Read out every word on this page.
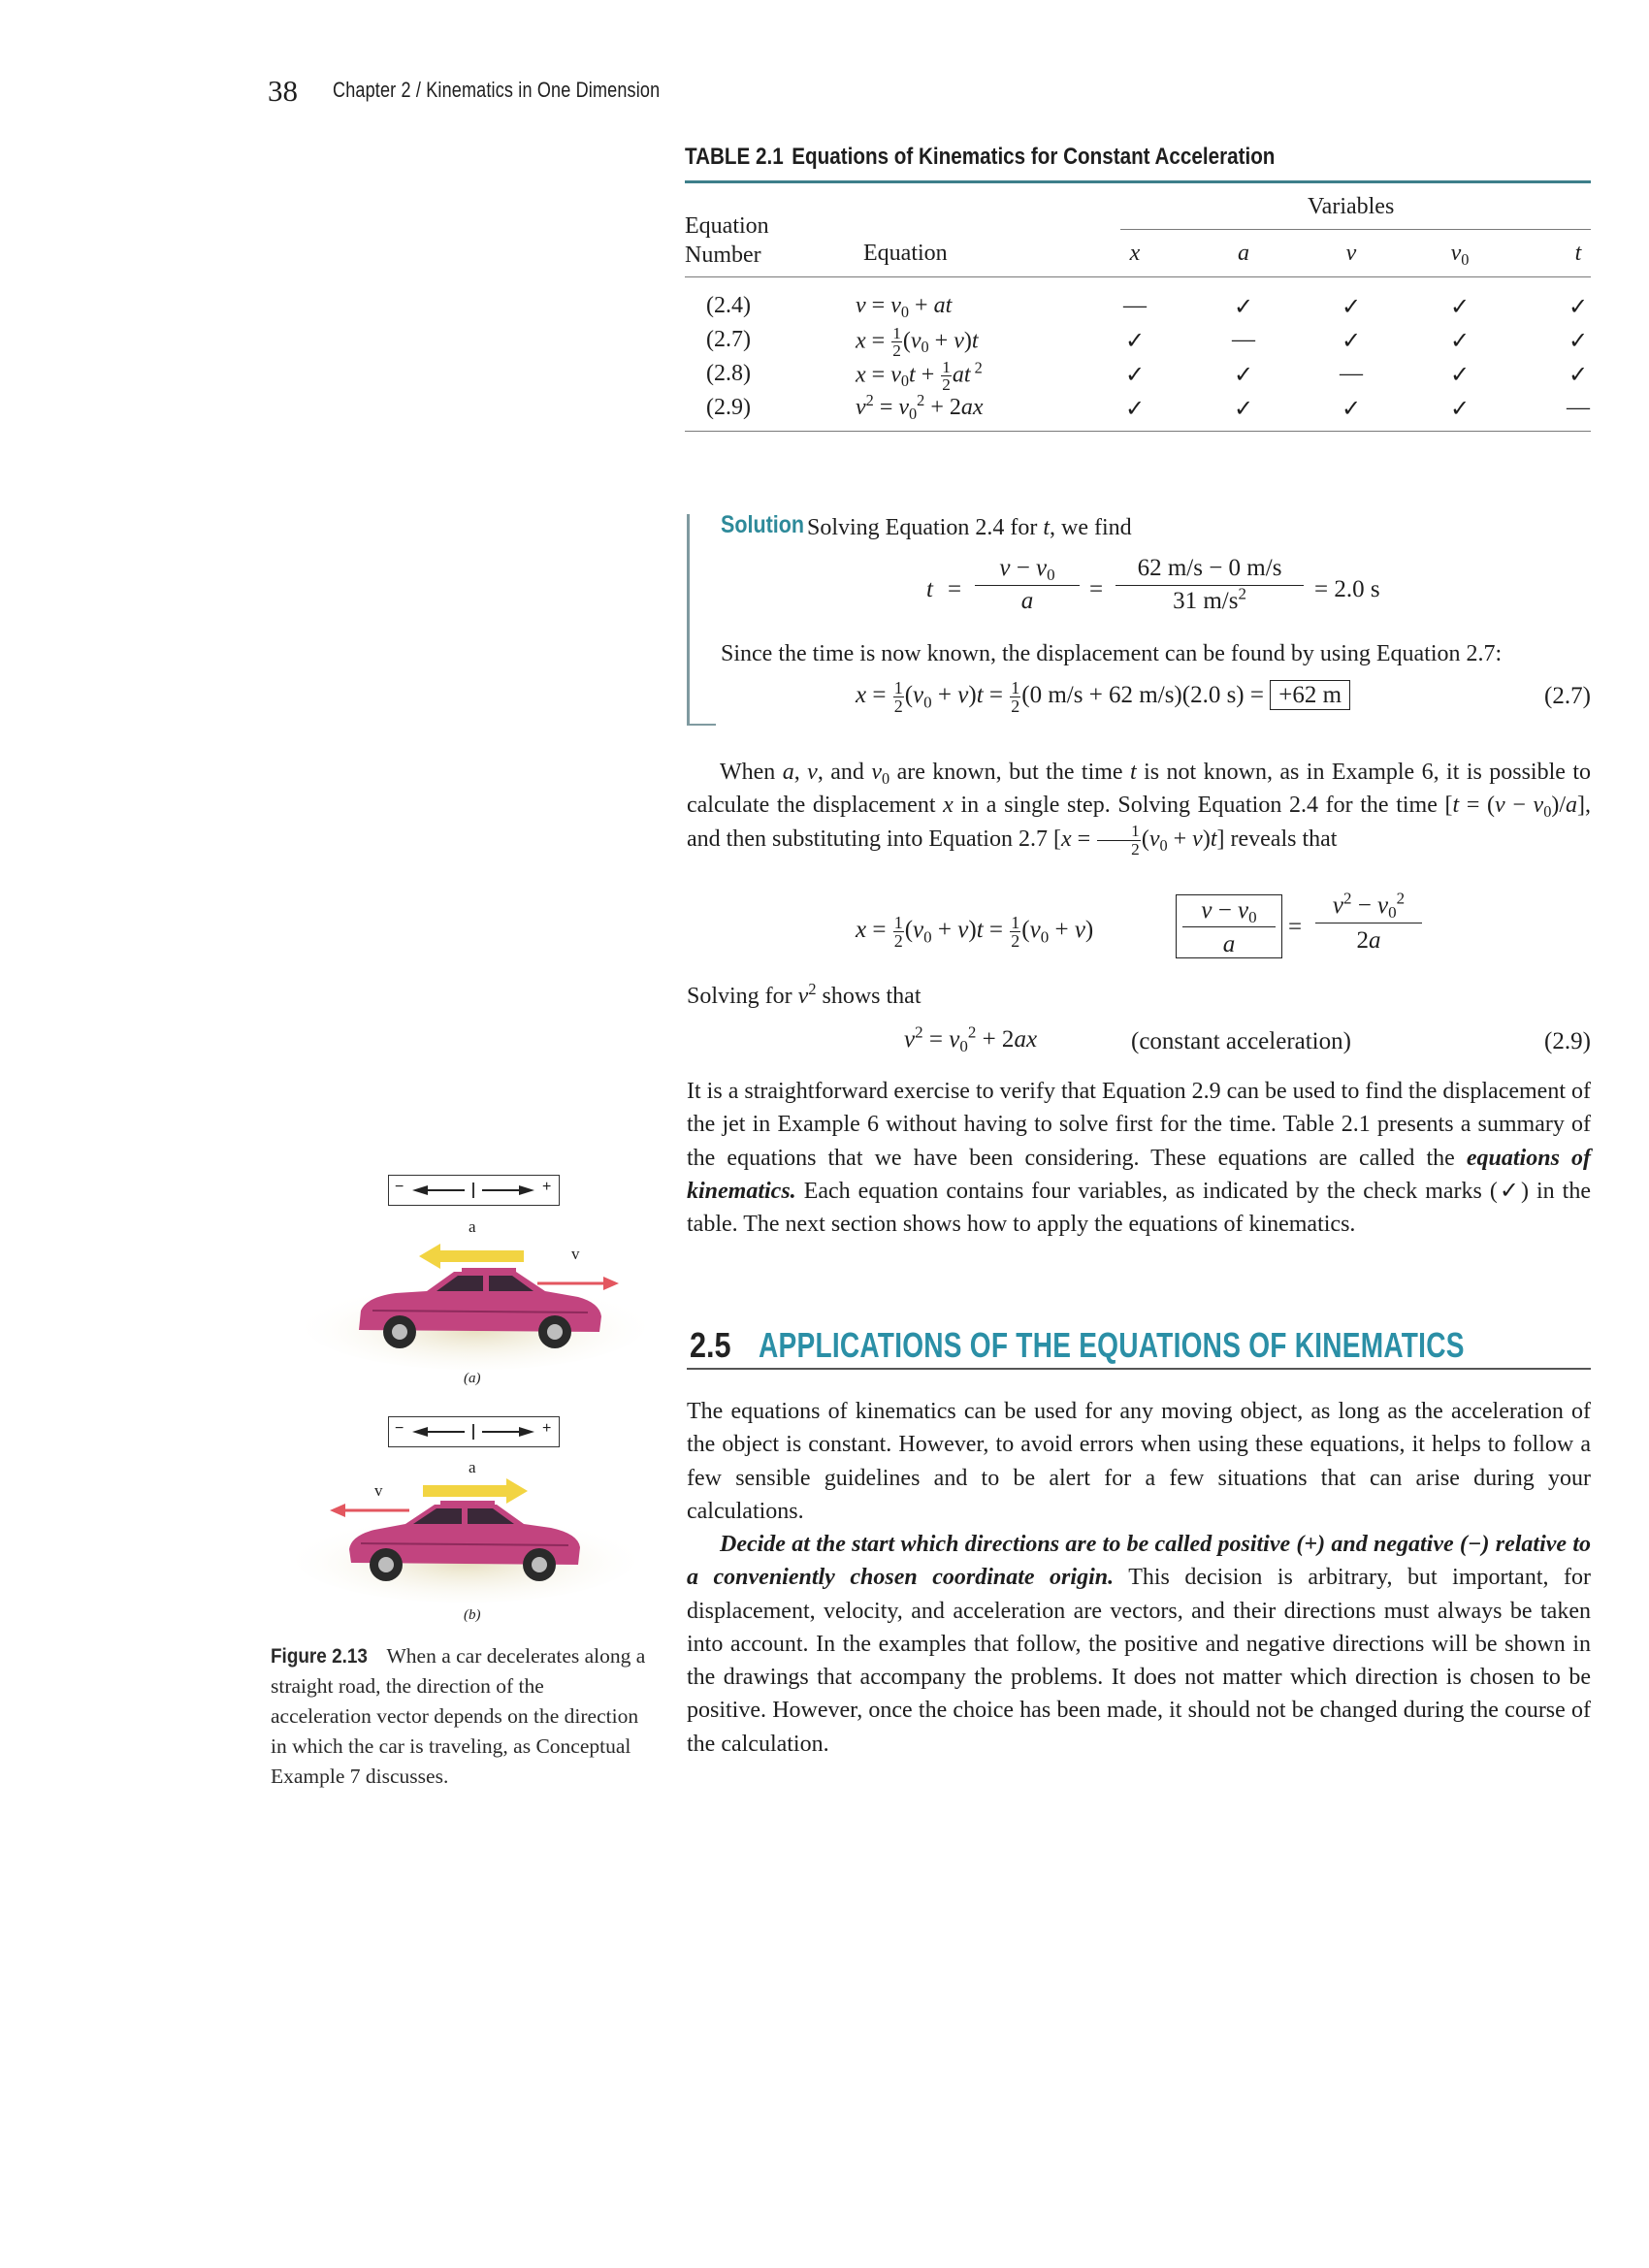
38 Chapter 2 / Kinematics in One Dimension
TABLE 2.1 Equations of Kinematics for Constant Acceleration
Variables
Equation
Number	Equation	x	a	v	$v_0$	t
(2.4)	$v = v_0$ + at	—	✓	✓	✓	✓
(2.7)	$x = \frac{1}{2} (v_0 + v)t$	✓	—	✓	✓	✓
(2.8)	$x = v_0t + \frac{1}{2}$ at $^2$	✓	✓	—	✓	✓
(2.9)	$v^2 = v_0^2 + 2ax$	✓	✓	✓	✓	—
Solution Solving Equation 2.4 for t, we find
t =
$v - v_0$
a	=
62 m/s − 0 m/s
31 $m/s^2$	= 2.0 s
Since the time is now known, the displacement can be found by using Equation 2.7:
$x = \frac{1}{2} (v_0 + v)t = \frac{1}{2} (0$ m/s + 62 m/s)(2.0 s) = +62 m	(2.7)
When a, v, and $v_0$ are known, but the time t is not known, as in Example 6, it is possible to calculate the displacement x in a single step. Solving Equation 2.4 for the time $[t = (v - v_0)/a]$, and then substituting into Equation 2.7 $[x = \frac{1}{2} (v_0 + v)t]$ reveals that
$x = \frac{1}{2} (v_0 + v)t = \frac{1}{2} (v_0 + v)$
$v - v_0$
a
=
$v^2 - v_0^2$
2a
Solving for $v^2$ shows that
$v^2 = v_0^2 + 2ax$	(constant acceleration)	(2.9)
It is a straightforward exercise to verify that Equation 2.9 can be used to find the displacement of the jet in Example 6 without having to solve first for the time. Table 2.1 presents a summary of the equations that we have been considering. These equations are called the equations of kinematics. Each equation contains four variables, as indicated by the check marks (✓) in the table. The next section shows how to apply the equations of kinematics.
2.5 APPLICATIONS OF THE EQUATIONS OF KINEMATICS
The equations of kinematics can be used for any moving object, as long as the acceleration of the object is constant. However, to avoid errors when using these equations, it helps to follow a few sensible guidelines and to be alert for a few situations that can arise during your calculations.
Decide at the start which directions are to be called positive (+) and negative (−) relative to a conveniently chosen coordinate origin. This decision is arbitrary, but important, for displacement, velocity, and acceleration are vectors, and their directions must always be taken into account. In the examples that follow, the positive and negative directions will be shown in the drawings that accompany the problems. It does not matter which direction is chosen to be positive. However, once the choice has been made, it should not be changed during the course of the calculation.
−	+
a
v
(a)
−	+
a
v
(b)
Figure 2.13 When a car decelerates along a straight road, the direction of the acceleration vector depends on the direction in which the car is traveling, as Conceptual Example 7 discusses.
